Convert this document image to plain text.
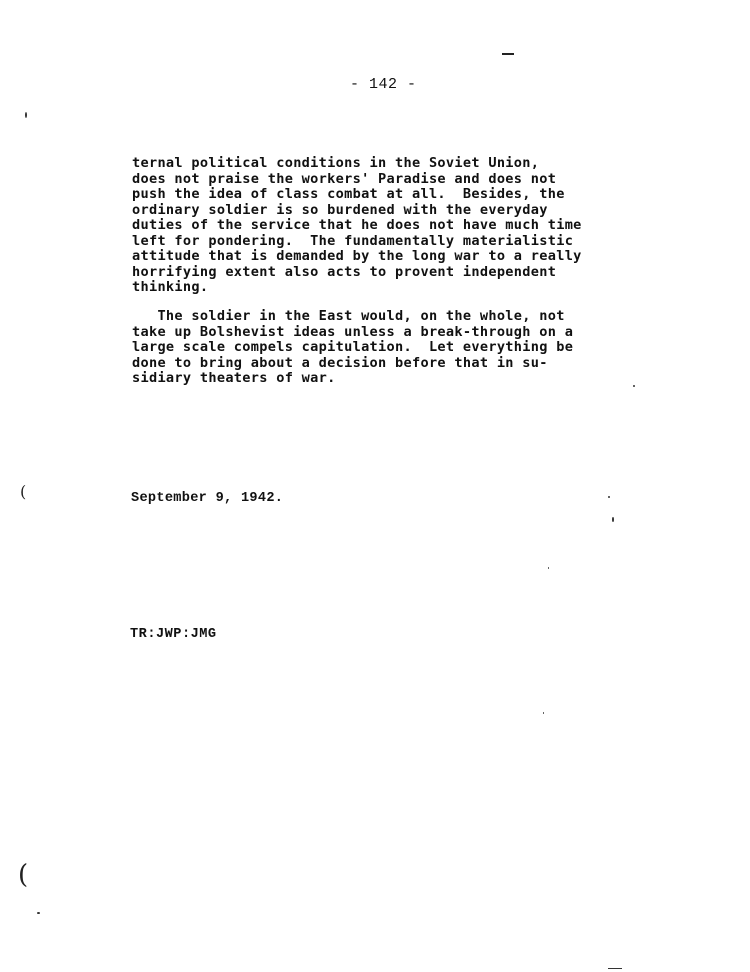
- 142 -
ternal political conditions in the Soviet Union,
does not praise the workers' Paradise and does not
push the idea of class combat at all.  Besides, the
ordinary soldier is so burdened with the everyday
duties of the service that he does not have much time
left for pondering.  The fundamentally materialistic
attitude that is demanded by the long war to a really
horrifying extent also acts to provent independent
thinking.
The soldier in the East would, on the whole, not
take up Bolshevist ideas unless a break-through on a
large scale compels capitulation.  Let everything be
done to bring about a decision before that in su-
sidiary theaters of war.
September 9, 1942.
TR:JWP:JMG
(
(
